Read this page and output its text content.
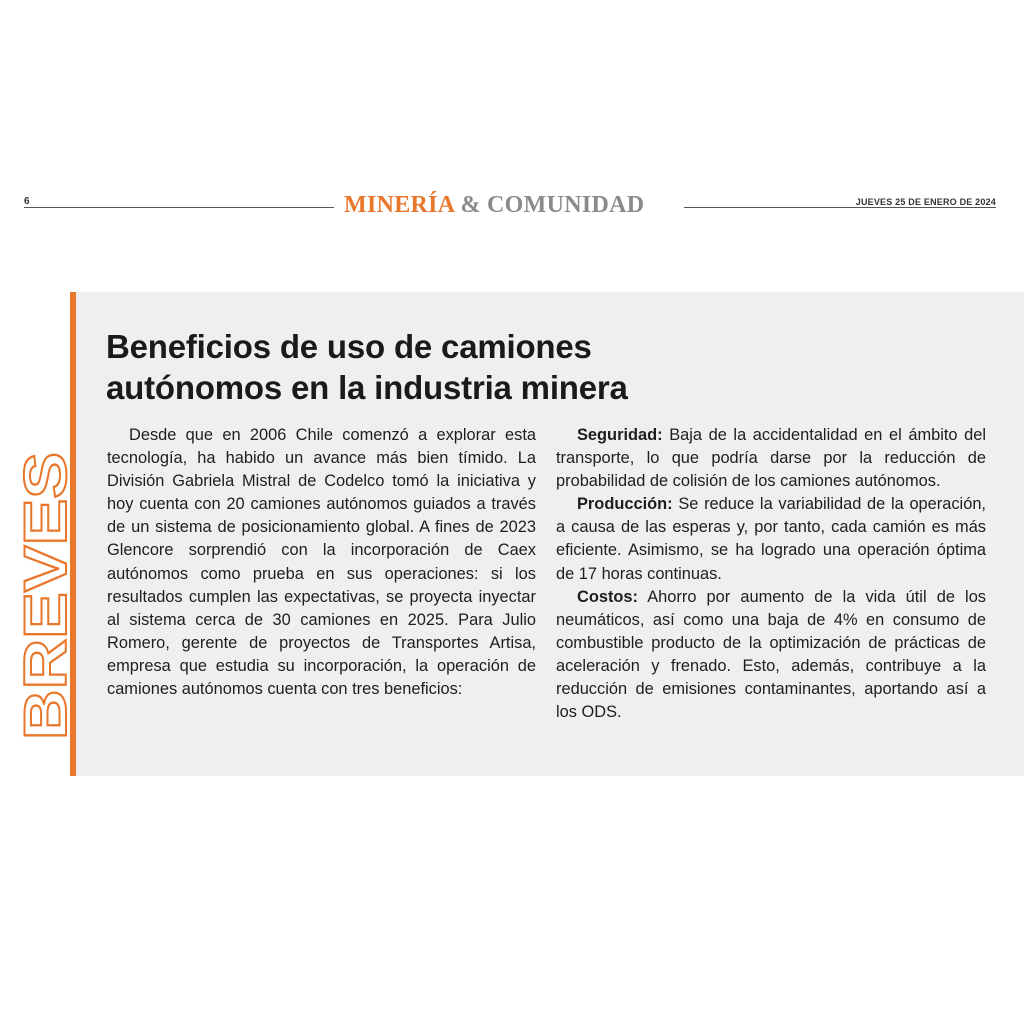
6	MINERÍA & COMUNIDAD	JUEVES 25 DE ENERO DE 2024
BREVES
Beneficios de uso de camiones
autónomos en la industria minera

Desde que en 2006 Chile comenzó a explorar esta tecnología, ha habido un avance más bien tímido. La División Gabriela Mistral de Codelco tomó la iniciativa y hoy cuenta con 20 camiones autónomos guiados a través de un sistema de posicionamiento global. A fines de 2023 Glencore sorprendió con la incorporación de Caex autónomos como prueba en sus operaciones: si los resultados cumplen las expectativas, se proyecta inyectar al sistema cerca de 30 camiones en 2025. Para Julio Romero, gerente de proyectos de Transportes Artisa, empresa que estudia su incorporación, la operación de camiones autónomos cuenta con tres beneficios:

Seguridad: Baja de la accidentalidad en el ámbito del transporte, lo que podría darse por la reducción de probabilidad de colisión de los camiones autónomos.

Producción: Se reduce la variabilidad de la operación, a causa de las esperas y, por tanto, cada camión es más eficiente. Asimismo, se ha logrado una operación óptima de 17 horas continuas.

Costos: Ahorro por aumento de la vida útil de los neumáticos, así como una baja de 4% en consumo de combustible producto de la optimización de prácticas de aceleración y frenado. Esto, además, contribuye a la reducción de emisiones contaminantes, aportando así a los ODS.
